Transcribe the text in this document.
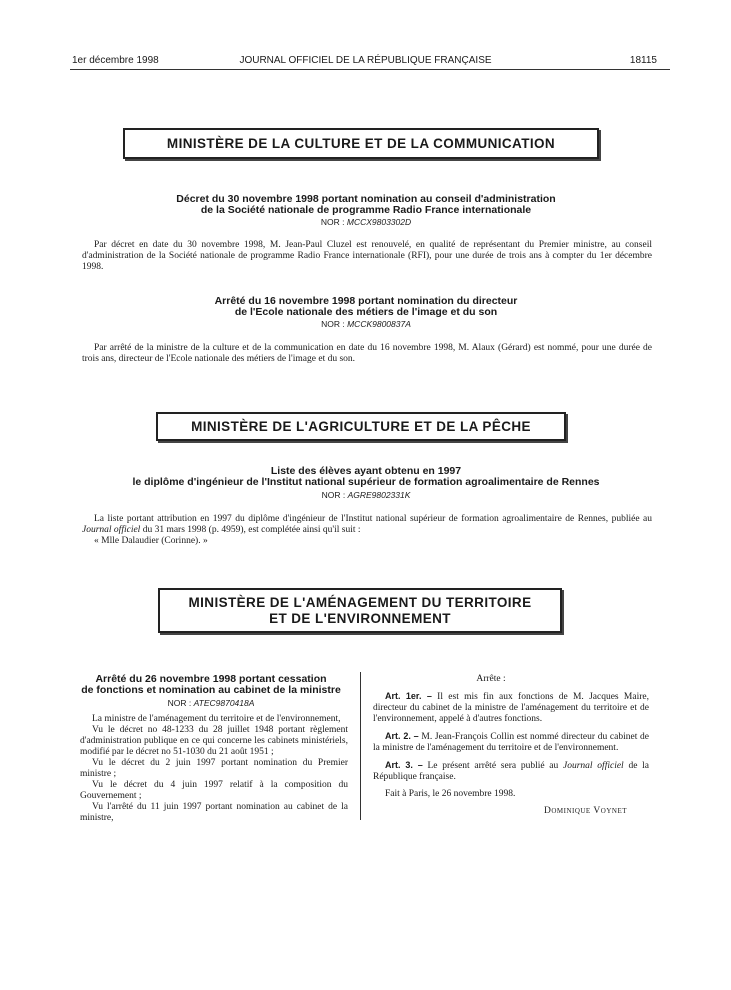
1er décembre 1998	JOURNAL OFFICIEL DE LA RÉPUBLIQUE FRANÇAISE	18115
MINISTÈRE DE LA CULTURE ET DE LA COMMUNICATION
Décret du 30 novembre 1998 portant nomination au conseil d'administration
de la Société nationale de programme Radio France internationale
NOR : MCCX9803302D
Par décret en date du 30 novembre 1998, M. Jean-Paul Cluzel est renouvelé, en qualité de représentant du Premier ministre, au conseil d'administration de la Société nationale de programme Radio France internationale (RFI), pour une durée de trois ans à compter du 1er décembre 1998.
Arrêté du 16 novembre 1998 portant nomination du directeur
de l'Ecole nationale des métiers de l'image et du son
NOR : MCCK9800837A
Par arrêté de la ministre de la culture et de la communication en date du 16 novembre 1998, M. Alaux (Gérard) est nommé, pour une durée de trois ans, directeur de l'Ecole nationale des métiers de l'image et du son.
MINISTÈRE DE L'AGRICULTURE ET DE LA PÊCHE
Liste des élèves ayant obtenu en 1997
le diplôme d'ingénieur de l'Institut national supérieur de formation agroalimentaire de Rennes
NOR : AGRE9802331K

La liste portant attribution en 1997 du diplôme d'ingénieur de l'Institut national supérieur de formation agroalimentaire de Rennes, publiée au Journal officiel du 31 mars 1998 (p. 4959), est complétée ainsi qu'il suit :

« Mlle Dalaudier (Corinne). »

MINISTÈRE DE L'AMÉNAGEMENT DU TERRITOIRE
ET DE L'ENVIRONNEMENT
Arrêté du 26 novembre 1998 portant cessation
de fonctions et nomination au cabinet de la ministre
NOR : ATEC9870418A

La ministre de l'aménagement du territoire et de l'environnement,

Vu le décret no 48-1233 du 28 juillet 1948 portant règlement d'administration publique en ce qui concerne les cabinets ministériels, modifié par le décret no 51-1030 du 21 août 1951 ;

Vu le décret du 2 juin 1997 portant nomination du Premier ministre ;

Vu le décret du 4 juin 1997 relatif à la composition du Gouvernement ;

Vu l'arrêté du 11 juin 1997 portant nomination au cabinet de la ministre,

Arrête :

Art. 1er. – Il est mis fin aux fonctions de M. Jacques Maire, directeur du cabinet de la ministre de l'aménagement du territoire et de l'environnement, appelé à d'autres fonctions.

Art. 2. – M. Jean-François Collin est nommé directeur du cabinet de la ministre de l'aménagement du territoire et de l'environnement.

Art. 3. – Le présent arrêté sera publié au Journal officiel de la République française.

Fait à Paris, le 26 novembre 1998.

Dominique Voynet
